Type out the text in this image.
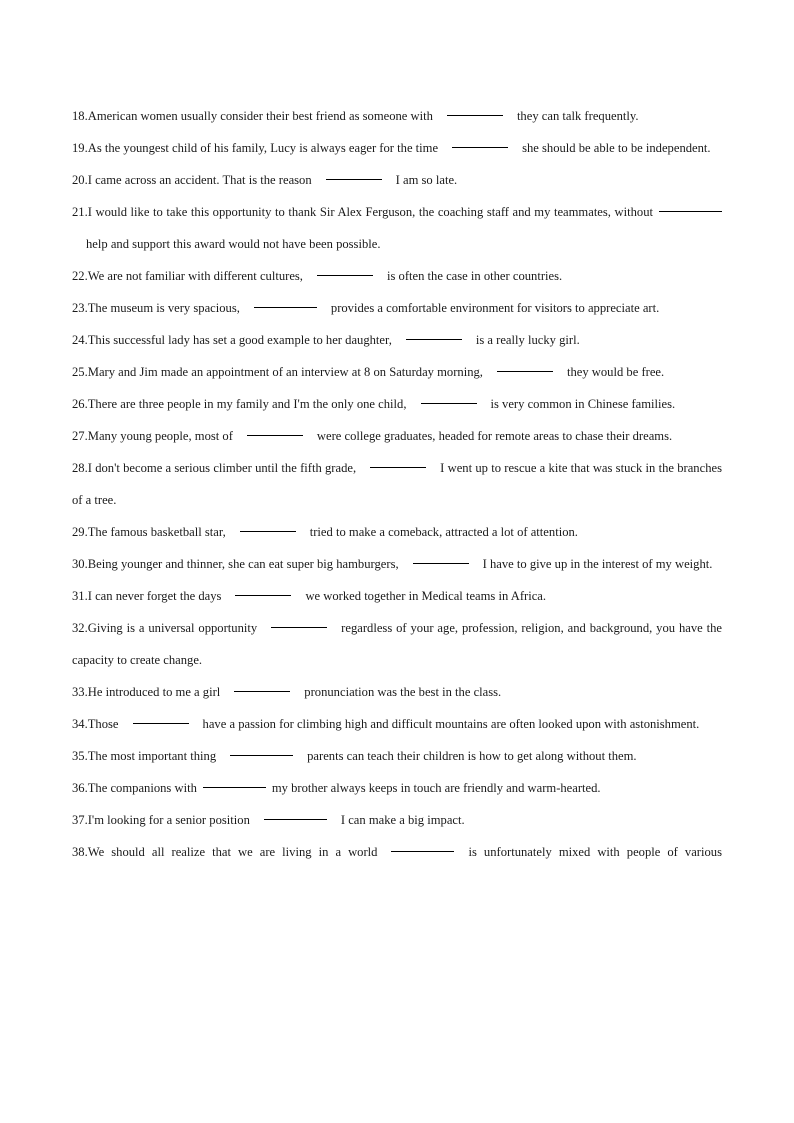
18.American women usually consider their best friend as someone with	they can talk frequently.

19.As the youngest child of his family, Lucy is always eager for the time	she should be able to be independent.

20.I came across an accident. That is the reason	I am so late.

21.I would like to take this opportunity to thank Sir Alex Ferguson, the coaching staff and my teammates, withouthelp and support this award would not have been possible.

22.We are not familiar with different cultures,	is often the case in other countries.

23.The museum is very spacious,	provides a comfortable environment for visitors to appreciate art.

24.This successful lady has set a good example to her daughter,	is a really lucky girl.

25.Mary and Jim made an appointment of an interview at 8 on Saturday morning,	they would be free.

26.There are three people in my family and I'm the only one child,	is very common in Chinese families.

27.Many young people, most of	were college graduates, headed for remote areas to chase their dreams.

28.I don't become a serious climber until the fifth grade,	I went up to rescue a kite that was stuck in the branches of a tree.

29.The famous basketball star,	tried to make a comeback, attracted a lot of attention.

30.Being younger and thinner, she can eat super big hamburgers,	I have to give up in the interest of my weight.

31.I can never forget the days	we worked together in Medical teams in Africa.

32.Giving is a universal opportunity	regardless of your age, profession, religion, and background, you have the capacity to create change.

33.He introduced to me a girl	pronunciation was the best in the class.

34.Those	have a passion for climbing high and difficult mountains are often looked upon with astonishment.

35.The most important thing	parents can teach their children is how to get along without them.

36.The companions with	my brother always keeps in touch are friendly and warm-hearted.

37.I'm looking for a senior position	I can make a big impact.

38.We should all realize that we are living in a world	is unfortunately mixed with people of various
